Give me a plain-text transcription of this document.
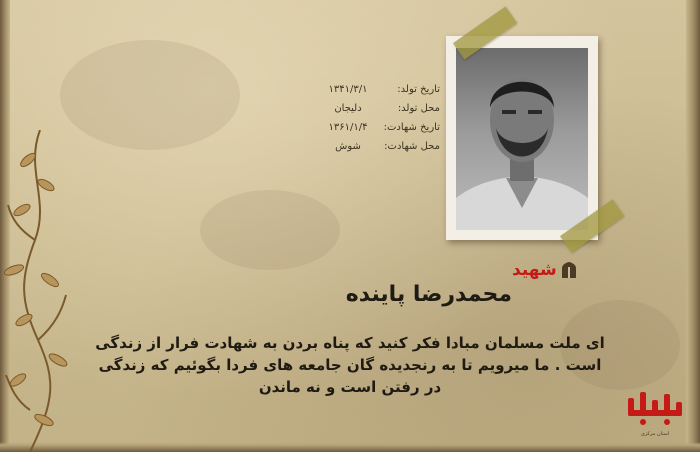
تاریخ تولد:
۱۳۴۱/۳/۱
محل تولد:
دلیجان
تاریخ شهادت:
۱۳۶۱/۱/۴
محل شهادت:
شوش
شهید
محمدرضا پاینده
ای ملت مسلمان مبادا فکر کنید که پناه بردن به شهادت فرار از زندگی است . ما میرویم تا به رنجدیده گان جامعه های فردا بگوئیم که زندگی در رفتن است و نه ماندن
استان مرکزی
